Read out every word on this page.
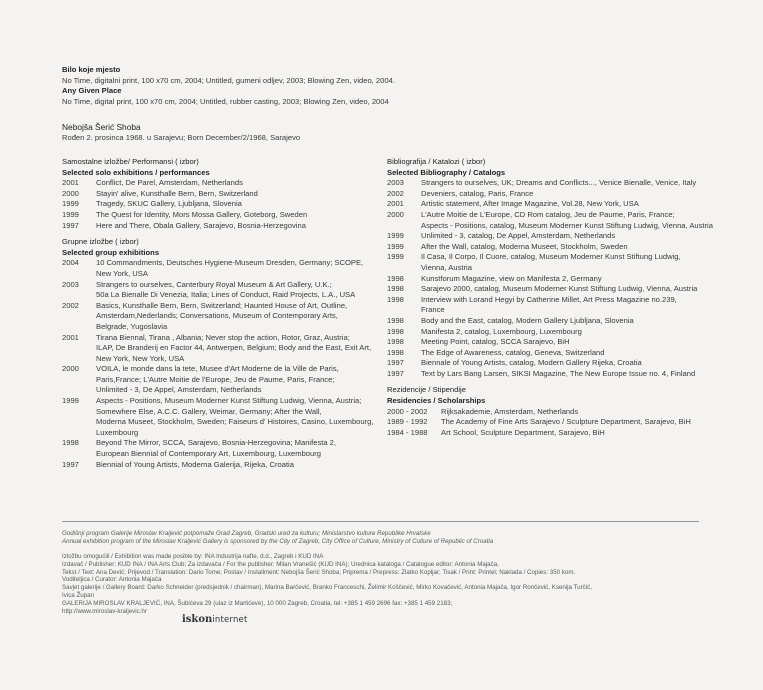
Bilo koje mjesto
No Time, digitalni print, 100 x70 cm, 2004; Untitled, gumeni odljev, 2003; Blowing Zen, video, 2004.
Any Given Place
No Time, digital print, 100 x70 cm, 2004; Untitled, rubber casting, 2003; Blowing Zen, video, 2004
Nebojša Šerić Shoba
Rođen 2. prosinca 1968. u Sarajevu; Born December/2/1968, Sarajevo
Samostalne izložbe/ Performansi ( izbor)
Selected solo exhibitions / performances
2001	Conflict, De Parel, Amsterdam, Netherlands
2000	Stayin' alive, Kunsthalle Bern, Bern, Switzerland
1999	Tragedy, SKUC Gallery, Ljubljana, Slovenia
1999	The Quest for Identity, Mors Mossa Gallery, Goteborg, Sweden
1997	Here and There, Obala Gallery, Sarajevo, Bosnia-Herzegovina
Grupne izložbe ( izbor)
Selected group exhibitions
2004	10 Commandments, Deutsches Hygiene-Museum Dresden, Germany; SCOPE,
New York, USA
2003	Strangers to ourselves, Canterbury Royal Museum & Art Gallery, U.K.;
50a La Bienalle Di Venezia, Italia; Lines of Conduct, Raid Projects, L.A., USA
2002	Basics, Kunsthalle Bern, Bern, Switzerland; Haunted House of Art, Outline,
Amsterdam,Nederlands; Conversations, Museum of Contemporary Arts,
Belgrade, Yugoslavia
2001	Tirana Biennal, Tirana , Albania; Never stop the action, Rotor, Graz, Austria;
ILAP, De Branderij en Factor 44, Antwerpen, Belgium; Body and the East, Exit Art,
New York, New York, USA
2000	VOILA, le monde dans la tete, Musee d'Art Moderne de la Ville de Paris,
Paris,France; L'Autre Moitie de l'Europe, Jeu de Paume, Paris, France;
Unlimited - 3, De Appel, Amsterdam, Netherlands
1999	Aspects - Positions, Museum Moderner Kunst Stiftung Ludwig, Vienna, Austria;
Somewhere Else, A.C.C. Gallery, Weimar, Germany; After the Wall,
Moderna Museet, Stockholm, Sweden; Faiseurs d' Histoires, Casino, Luxembourg,
Luxembourg
1998	Beyond The Mirror, SCCA, Sarajevo, Bosnia-Herzegovina; Manifesta 2,
European Biennial of Contemporary Art, Luxembourg, Luxembourg
1997	Biennial of Young Artists, Moderna Galerija, Rijeka, Croatia
Bibliografija / Katalozi ( izbor)
Selected Bibliography / Catalogs
2003	Strangers to ourselves, UK; Dreams and Conflicts..., Venice Bienalle, Venice, Italy
2002	Deveniers, catalog, Paris, France
2001	Artistic statement, After Image Magazine, Vol.28, New York, USA
2000	L'Autre Moitie de L'Europe, CD Rom catalog, Jeu de Paume, Paris, France;
Aspects - Positions, catalog, Museum Moderner Kunst Stiftung Ludwig, Vienna, Austria
1999	Unlimited - 3, catalog, De Appel, Amsterdam, Netherlands
1999	After the Wall, catalog, Moderna Museet, Stockholm, Sweden
1999	Il Casa, Il Corpo, Il Cuore, catalog, Museum Moderner Kunst Stiftung Ludwig,
Vienna, Austria
1998	Kunstforum Magazine, view on Manifesta 2, Germany
1998	Sarajevo 2000, catalog, Museum Moderner Kunst Stiftung Ludwig, Vienna, Austria
1998	Interview with Lorand Hegyi by Catherine Millet, Art Press Magazine no.239,
France
1998	Body and the East, catalog, Modern Gallery Ljubljana, Slovenia
1998	Manifesta 2, catalog, Luxembourg, Luxembourg
1998	Meeting Point, catalog, SCCA Sarajevo, BiH
1998	The Edge of Awareness, catalog, Geneva, Switzerland
1997	Biennale of Young Artists, catalog, Modern Gallery Rijeka, Croatia
1997	Text by Lars Bang Larsen, SIKSI Magazine, The New Europe Issue no. 4, Finland
Rezidencije / Stipendije
Residencies / Scholarships
2000 - 2002	Rijksakademie, Amsterdam, Netherlands
1989 - 1992	The Academy of Fine Arts Sarajevo / Sculpture Department, Sarajevo, BiH
1984 - 1988	Art School, Sculpture Department, Sarajevo, BiH
Godišnji program Galerije Miroslav Kraljević potpomaže Grad Zagreb, Gradski ured za kulturu; Ministarstvo kulture Republike Hrvatske
Annual exhibition program of the Miroslav Kraljević Gallery is sponsored by the City of Zagreb, City Office of Culture, Ministry of Culture of Republic of Croatia
Izložbu omogućili / Exhibition was made posible by: INA Industrija nafte, d.d., Zagreb i KUD INA
Izdavač / Publisher: KUD INA / INA Arts Club; Za izdavača / For the publisher: Milan Vranešić (KUD INA); Urednica kataloga / Catalogue editor: Antonia Majača,
Tekst / Text: Ana Dević; Prijevod / Translation: Dario Tome; Postav / Installment: Nebojša Šerić Shoba; Priprema / Prepress: Zlatko Kopljar; Tisak / Print: Printel; Naklada / Copies: 350 kom.
Voditeljica / Curator: Antonia Majača
Savjet galerije / Gallery Board: Darko Schneider (predsjednik / chairman), Marina Barčević, Branko Franceschi, Želimir Koščević, Mirko Kovačević, Antonia Majača, Igor Rončević, Ksenija Turčić,
Ivica Župan
GALERIJA MIROSLAV KRALJEVIĆ, INA, Šubićeva 29 (ulaz iz Martićeve), 10 000 Zagreb, Croatia, tel: +385 1 459 2696 fax: +385 1 459 2183;
http://www.miroslav-kraljevic.hr
iskoninternet
